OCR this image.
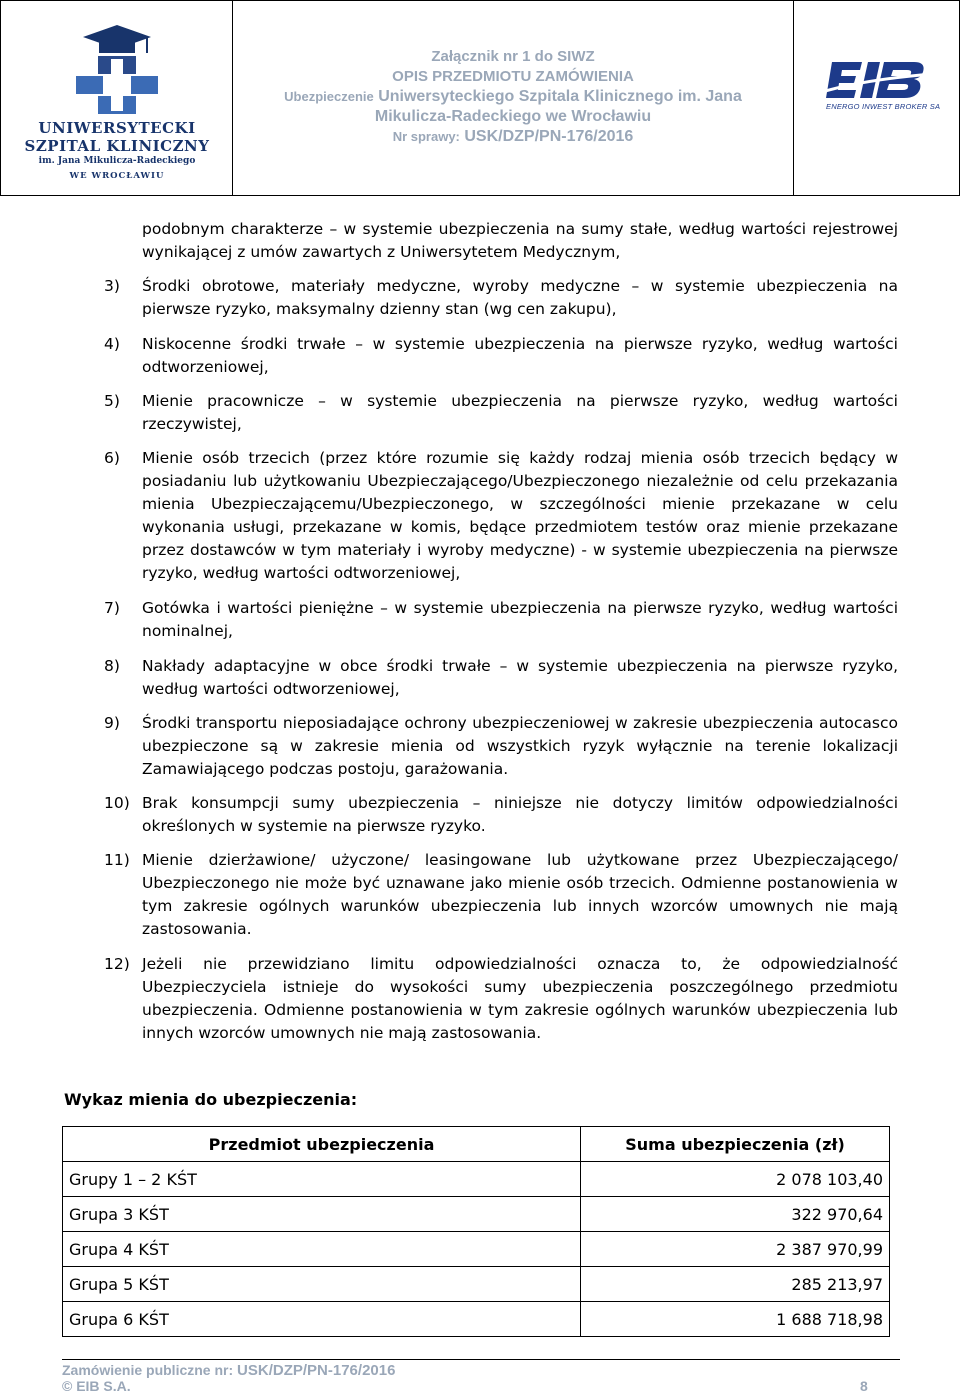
UNIWERSYTECKI
SZPITAL KLINICZNY
im. Jana Mikulicza-Radeckiego
WE WROCŁAWIU
Załącznik nr 1 do SIWZ
OPIS PRZEDMIOTU ZAMÓWIENIA
Ubezpieczenie Uniwersyteckiego Szpitala Klinicznego im. Jana
Mikulicza-Radeckiego we Wrocławiu
Nr sprawy: USK/DZP/PN-176/2016
ENERGO INWEST BROKER SA
podobnym charakterze – w systemie ubezpieczenia na sumy stałe, według wartości rejestrowej wynikającej z umów zawartych z Uniwersytetem Medycznym,
3)	Środki obrotowe, materiały medyczne, wyroby medyczne – w systemie ubezpieczenia na pierwsze ryzyko, maksymalny dzienny stan (wg cen zakupu),
4)	Niskocenne środki trwałe – w systemie ubezpieczenia na pierwsze ryzyko, według wartości odtworzeniowej,
5)	Mienie pracownicze – w systemie ubezpieczenia na pierwsze ryzyko, według wartości rzeczywistej,
6)	Mienie osób trzecich (przez które rozumie się każdy rodzaj mienia osób trzecich będący w posiadaniu lub użytkowaniu Ubezpieczającego/Ubezpieczonego niezależnie od celu przekazania mienia Ubezpieczającemu/Ubezpieczonego, w szczególności mienie przekazane w celu wykonania usługi, przekazane w komis, będące przedmiotem testów oraz mienie przekazane przez dostawców w tym materiały i wyroby medyczne) - w systemie ubezpieczenia na pierwsze ryzyko, według wartości odtworzeniowej,
7)	Gotówka i wartości pieniężne – w systemie ubezpieczenia na pierwsze ryzyko, według wartości nominalnej,
8)	Nakłady adaptacyjne w obce środki trwałe – w systemie ubezpieczenia na pierwsze ryzyko, według wartości odtworzeniowej,
9)	Środki transportu nieposiadające ochrony ubezpieczeniowej w zakresie ubezpieczenia autocasco ubezpieczone są w zakresie mienia od wszystkich ryzyk wyłącznie na terenie lokalizacji Zamawiającego podczas postoju, garażowania.
10) Brak konsumpcji sumy ubezpieczenia – niniejsze nie dotyczy limitów odpowiedzialności określonych w systemie na pierwsze ryzyko.
11) Mienie dzierżawione/ użyczone/ leasingowane lub użytkowane przez Ubezpieczającego/ Ubezpieczonego nie może być uznawane jako mienie osób trzecich. Odmienne postanowienia w tym zakresie ogólnych warunków ubezpieczenia lub innych wzorców umownych nie mają zastosowania.
12) Jeżeli nie przewidziano limitu odpowiedzialności oznacza to, że odpowiedzialność Ubezpieczyciela istnieje do wysokości sumy ubezpieczenia poszczególnego przedmiotu ubezpieczenia. Odmienne postanowienia w tym zakresie ogólnych warunków ubezpieczenia lub innych wzorców umownych nie mają zastosowania.
Wykaz mienia do ubezpieczenia:
Przedmiot ubezpieczenia	Suma ubezpieczenia (zł)
Grupy 1 – 2 KŚT	2 078 103,40
Grupa 3 KŚT	322 970,64
Grupa 4 KŚT	2 387 970,99
Grupa 5 KŚT	285 213,97
Grupa 6 KŚT	1 688 718,98
Zamówienie publiczne nr: USK/DZP/PN-176/2016
© EIB S.A.	8
